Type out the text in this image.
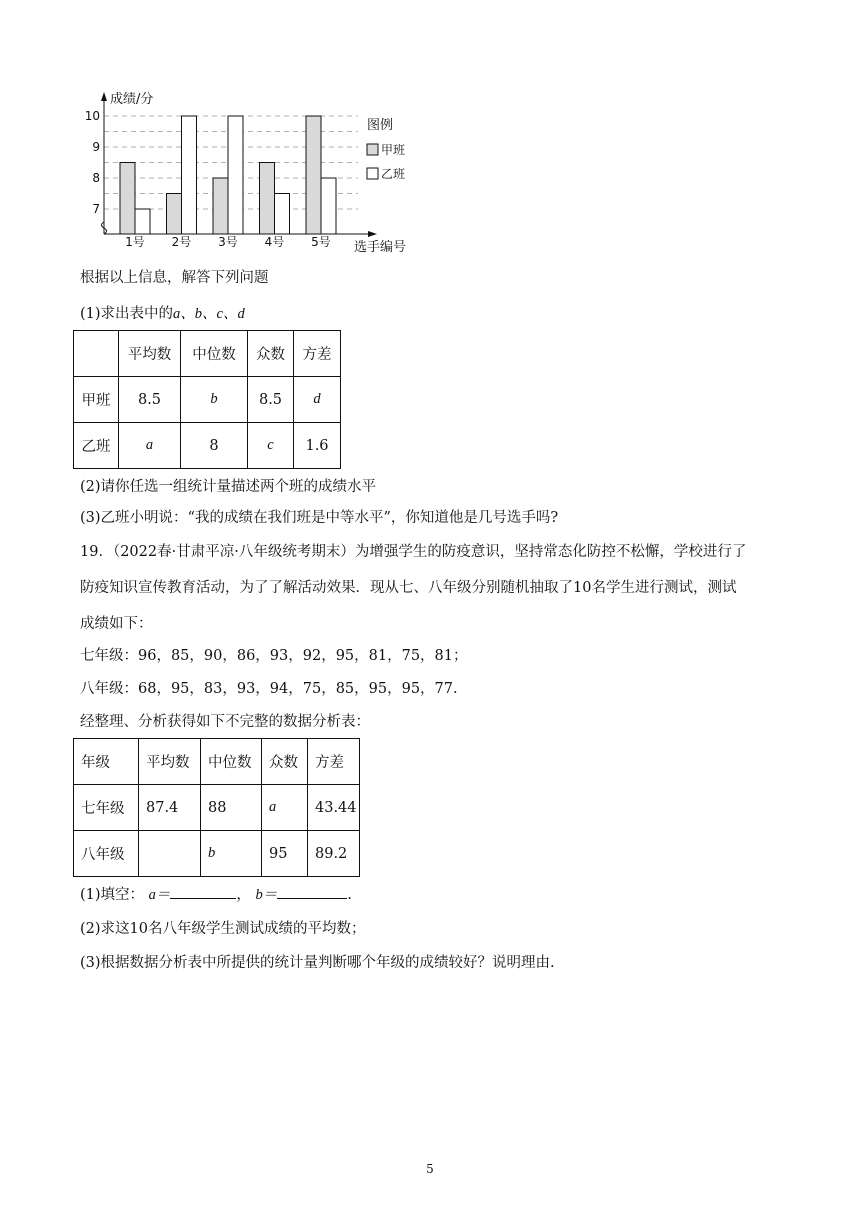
成绩/分
选手编号
7
8
9
10
1号 2号 3号 4号 5号
图例
甲班
乙班
根据以上信息，解答下列问题
(1)求出表中的a、b、c、d
	平均数	中位数	众数	方差
甲班	8.5	b	8.5	d
乙班	a	8	c	1.6
(2)请你任选一组统计量描述两个班的成绩水平
(3)乙班小明说：“我的成绩在我们班是中等水平”，你知道他是几号选手吗?
19．（2022春·甘肃平凉·八年级统考期末）为增强学生的防疫意识，坚持常态化防控不松懈，学校进行了
防疫知识宣传教育活动，为了了解活动效果．现从七、八年级分别随机抽取了10名学生进行测试，测试
成绩如下：
七年级：96，85，90，86，93，92，95，81，75，81；
八年级：68，95，83，93，94，75，85，95，95，77.
经整理、分析获得如下不完整的数据分析表：
年级	平均数	中位数	众数	方差
七年级	87.4	88	a	43.44
八年级		b	95	89.2
(1)填空： a＝	， b＝	.
(2)求这10名八年级学生测试成绩的平均数；
(3)根据数据分析表中所提供的统计量判断哪个年级的成绩较好？说明理由.
5
